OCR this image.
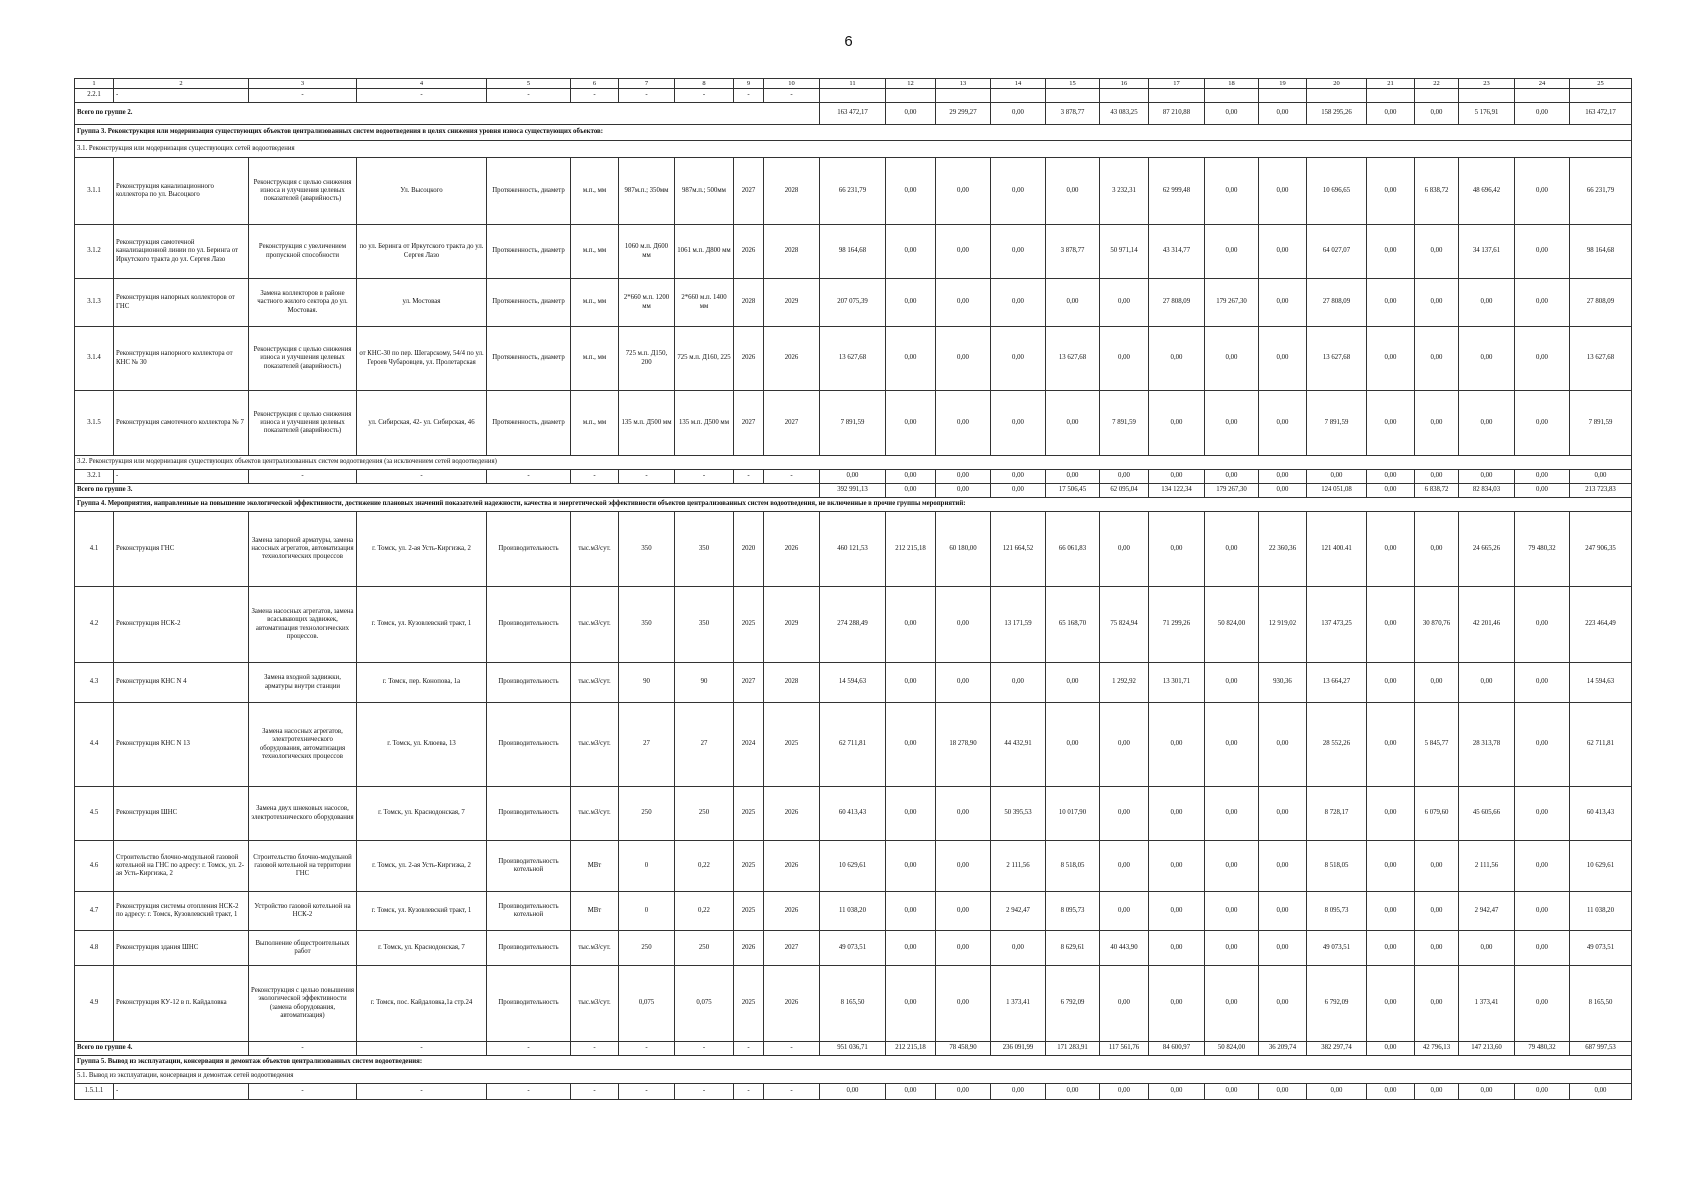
6
1	2	3	4	5	6	7	8	9	10	11	12	13	14	15	16	17	18	19	20	21	22	23	24	25
2.2.1	-	-	-	-	-	-	-	-	-															
Всего по группе 2.										163 472,17	0,00	29 299,27	0,00	3 878,77	43 083,25	87 210,88	0,00	0,00	158 295,26	0,00	0,00	5 176,91	0,00	163 472,17
Группа 3. Реконструкция или модернизация существующих объектов централизованных систем водоотведения в целях снижения уровня износа существующих объектов:																								
3.1. Реконструкция или модернизация существующих сетей водоотведения																								
3.1.1	Реконструкция канализационного коллектора по ул. Высоцкого	Реконструкция с целью снижения износа и улучшения целевых показателей (аварийность)	Ул. Высоцкого	Протяженность, диаметр	м.п., мм	987м.п.; 350мм	987м.п.; 500мм	2027	2028	66 231,79	0,00	0,00	0,00	0,00	3 232,31	62 999,48	0,00	0,00	10 696,65	0,00	6 838,72	48 696,42	0,00	66 231,79
3.1.2	Реконструкция самотечной канализационной линии по ул. Беринга от Иркутского тракта до ул. Сергея Лазо	Реконструкция с увеличением пропускной способности	по ул. Беринга от Иркутского тракта до ул. Сергея Лазо	Протяженность, диаметр	м.п., мм	1060 м.п. Д600 мм	1061 м.п. Д800 мм	2026	2028	98 164,68	0,00	0,00	0,00	3 878,77	50 971,14	43 314,77	0,00	0,00	64 027,07	0,00	0,00	34 137,61	0,00	98 164,68
3.1.3	Реконструкция напорных коллекторов от ГНС	Замена коллекторов в районе частного жилого сектора до ул. Мостовая.	ул. Мостовая	Протяженность, диаметр	м.п., мм	2*660 м.п. 1200 мм	2*660 м.п. 1400 мм	2028	2029	207 075,39	0,00	0,00	0,00	0,00	0,00	27 808,09	179 267,30	0,00	27 808,09	0,00	0,00	0,00	0,00	27 808,09
3.1.4	Реконструкция напорного коллектора от КНС № 30	Реконструкция с целью снижения износа и улучшения целевых показателей (аварийность)	от КНС-30 по пер. Шегарскому, 54/4 по ул. Героев Чубаровцев, ул. Пролетарская	Протяженность, диаметр	м.п., мм	725 м.п. Д150, 200	725 м.п. Д160, 225	2026	2026	13 627,68	0,00	0,00	0,00	13 627,68	0,00	0,00	0,00	0,00	13 627,68	0,00	0,00	0,00	0,00	13 627,68
3.1.5	Реконструкция самотечного коллектора № 7	Реконструкция с целью снижения износа и улучшения целевых показателей (аварийность)	ул. Сибирская, 42- ул. Сибирская, 46	Протяженность, диаметр	м.п., мм	135 м.п. Д500 мм	135 м.п. Д500 мм	2027	2027	7 891,59	0,00	0,00	0,00	0,00	7 891,59	0,00	0,00	0,00	7 891,59	0,00	0,00	0,00	0,00	7 891,59
3.2. Реконструкция или модернизация существующих объектов централизованных систем водоотведения (за исключением сетей водоотведения)																								
3.2.1	-	-	-	-	-	-	-	-	-	0,00	0,00	0,00	0,00	0,00	0,00	0,00	0,00	0,00	0,00	0,00	0,00	0,00	0,00	0,00
Всего по группе 3.										392 991,13	0,00	0,00	0,00	17 506,45	62 095,04	134 122,34	179 267,30	0,00	124 051,08	0,00	6 838,72	82 834,03	0,00	213 723,83
Группа 4. Мероприятия, направленные на повышение экологической эффективности, достижение плановых значений показателей надежности, качества и энергетической эффективности объектов централизованных систем водоотведения, не включенные в прочие группы мероприятий:																								
4.1	Реконструкция ГНС	Замена запорной арматуры, замена насосных агрегатов, автоматизация технологических процессов	г. Томск, ул. 2-ая Усть-Киргизка, 2	Производительность	тыс.м3/сут.	350	350	2020	2026	460 121,53	212 215,18	60 180,00	121 664,52	66 061,83	0,00	0,00	0,00	22 360,36	121 400.41	0,00	0,00	24 665,26	79 480,32	247 906,35
4.2	Реконструкция НСК-2	Замена насосных агрегатов, замена всасывающих задвижек, автоматизация технологических процессов.	г. Томск, ул. Кузовлевский тракт, 1	Производительность	тыс.м3/сут.	350	350	2025	2029	274 288,49	0,00	0,00	13 171,59	65 168,70	75 824,94	71 299,26	50 824,00	12 919,02	137 473,25	0,00	30 870,76	42 201,46	0,00	223 464,49
4.3	Реконструкция КНС N 4	Замена входной задвижки, арматуры внутри станции	г. Томск, пер. Конопова, 1а	Производительность	тыс.м3/сут.	90	90	2027	2028	14 594,63	0,00	0,00	0,00	0,00	1 292,92	13 301,71	0,00	930,36	13 664,27	0,00	0,00	0,00	0,00	14 594,63
4.4	Реконструкция КНС N 13	Замена насосных агрегатов, электротехнического оборудования, автоматизация технологических процессов	г. Томск, ул. Клюева, 13	Производительность	тыс.м3/сут.	27	27	2024	2025	62 711,81	0,00	18 278,90	44 432,91	0,00	0,00	0,00	0,00	0,00	28 552,26	0,00	5 845,77	28 313,78	0,00	62 711,81
4.5	Реконструкция ШНС	Замена двух шнековых насосов, электротехнического оборудования	г. Томск, ул. Краснодонская, 7	Производительность	тыс.м3/сут.	250	250	2025	2026	60 413,43	0,00	0,00	50 395,53	10 017,90	0,00	0,00	0,00	0,00	8 728,17	0,00	6 079,60	45 605,66	0,00	60 413,43
4.6	Строительство блочно-модульной газовой котельной на ГНС по адресу: г. Томск, ул. 2-ая Усть-Киргизка, 2	Строительство блочно-модульной газовой котельной на территории ГНС	г. Томск, ул. 2-ая Усть-Киргизка, 2	Производительность котельной	МВт	0	0,22	2025	2026	10 629,61	0,00	0,00	2 111,56	8 518,05	0,00	0,00	0,00	0,00	8 518,05	0,00	0,00	2 111,56	0,00	10 629,61
4.7	Реконструкция системы отопления НСК-2 по адресу: г. Томск, Кузовлевский тракт, 1	Устройство газовой котельной на НСК-2	г. Томск, ул. Кузовлевский тракт, 1	Производительность котельной	МВт	0	0,22	2025	2026	11 038,20	0,00	0,00	2 942,47	8 095,73	0,00	0,00	0,00	0,00	8 095,73	0,00	0,00	2 942,47	0,00	11 038,20
4.8	Реконструкция здания ШНС	Выполнение общестроительных работ	г. Томск, ул. Краснодонская, 7	Производительность	тыс.м3/сут.	250	250	2026	2027	49 073,51	0,00	0,00	0,00	8 629,61	40 443,90	0,00	0,00	0,00	49 073,51	0,00	0,00	0,00	0,00	49 073,51
4.9	Реконструкция КУ-12 в п. Кайдаловка	Реконструкция с целью повышения экологической эффективности (замена оборудования, автоматизация)	г. Томск, пос. Кайдаловка,1а стр.24	Производительность	тыс.м3/сут.	0,075	0,075	2025	2026	8 165,50	0,00	0,00	1 373,41	6 792,09	0,00	0,00	0,00	0,00	6 792,09	0,00	0,00	1 373,41	0,00	8 165,50
Всего по группе 4.		-	-	-	-	-	-	-	-	951 036,71	212 215,18	78 458,90	236 091,99	171 283,91	117 561,76	84 600,97	50 824,00	36 209,74	382 297,74	0,00	42 796,13	147 213,60	79 480,32	687 997,53
Группа 5. Вывод из эксплуатации, консервация и демонтаж объектов централизованных систем водоотведения:																								
5.1. Вывод из эксплуатации, консервация и демонтаж сетей водоотведения																								
1.5.1.1	-	-	-	-	-	-	-	-	-	0,00	0,00	0,00	0,00	0,00	0,00	0,00	0,00	0,00	0,00	0,00	0,00	0,00	0,00	0,00
